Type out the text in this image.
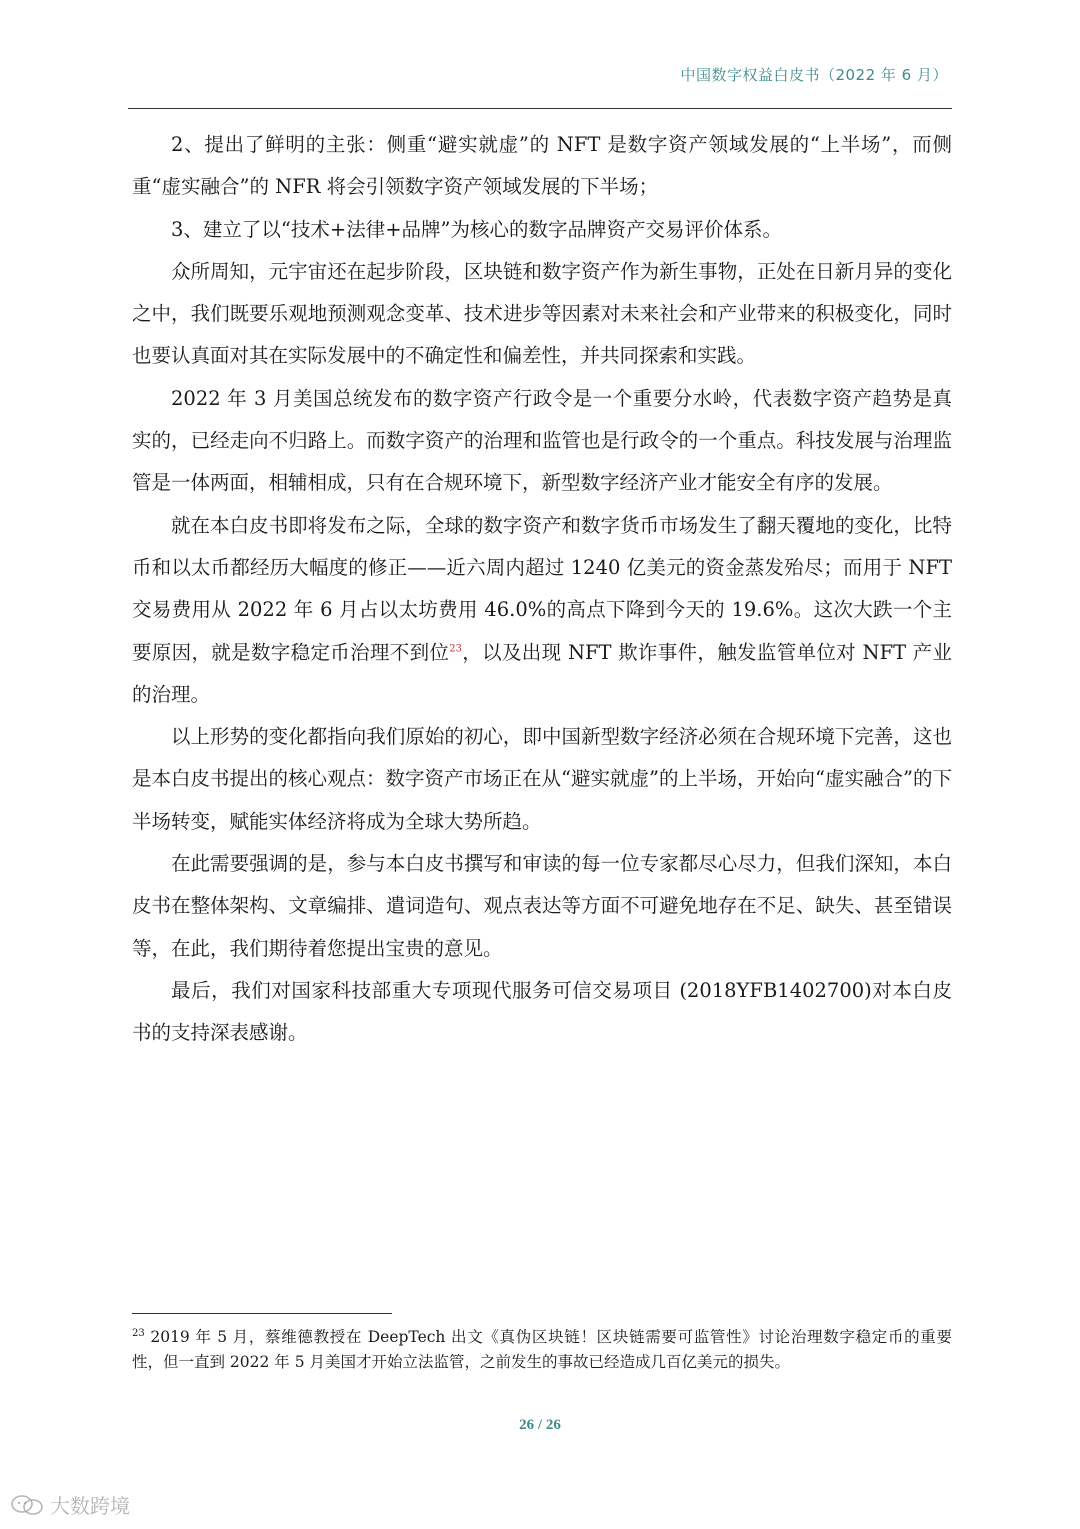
中国数字权益白皮书（2022 年 6 月）

2、提出了鲜明的主张：侧重“避实就虚”的 NFT 是数字资产领域发展的“上半场”，而侧重“虚实融合”的 NFR 将会引领数字资产领域发展的下半场；

3、建立了以“技术+法律+品牌”为核心的数字品牌资产交易评价体系。

众所周知，元宇宙还在起步阶段，区块链和数字资产作为新生事物，正处在日新月异的变化之中，我们既要乐观地预测观念变革、技术进步等因素对未来社会和产业带来的积极变化，同时也要认真面对其在实际发展中的不确定性和偏差性，并共同探索和实践。

2022 年 3 月美国总统发布的数字资产行政令是一个重要分水岭，代表数字资产趋势是真实的，已经走向不归路上。而数字资产的治理和监管也是行政令的一个重点。科技发展与治理监管是一体两面，相辅相成，只有在合规环境下，新型数字经济产业才能安全有序的发展。

就在本白皮书即将发布之际，全球的数字资产和数字货币市场发生了翻天覆地的变化，比特币和以太币都经历大幅度的修正——近六周内超过 1240 亿美元的资金蒸发殆尽；而用于 NFT 交易费用从 2022 年 6 月占以太坊费用 46.0%的高点下降到今天的 19.6%。这次大跌一个主要原因，就是数字稳定币治理不到位$^{23}$，以及出现 NFT 欺诈事件，触发监管单位对 NFT 产业的治理。

以上形势的变化都指向我们原始的初心，即中国新型数字经济必须在合规环境下完善，这也是本白皮书提出的核心观点：数字资产市场正在从“避实就虚”的上半场，开始向“虚实融合”的下半场转变，赋能实体经济将成为全球大势所趋。

在此需要强调的是，参与本白皮书撰写和审读的每一位专家都尽心尽力，但我们深知，本白皮书在整体架构、文章编排、遣词造句、观点表达等方面不可避免地存在不足、缺失、甚至错误等，在此，我们期待着您提出宝贵的意见。

最后，我们对国家科技部重大专项现代服务可信交易项目 (2018YFB1402700)对本白皮书的支持深表感谢。

$^{23}$ 2019 年 5 月，蔡维德教授在 DeepTech 出文《真伪区块链！区块链需要可监管性》讨论治理数字稳定币的重要性，但一直到 2022 年 5 月美国才开始立法监管，之前发生的事故已经造成几百亿美元的损失。
26 / 26
大数跨境
